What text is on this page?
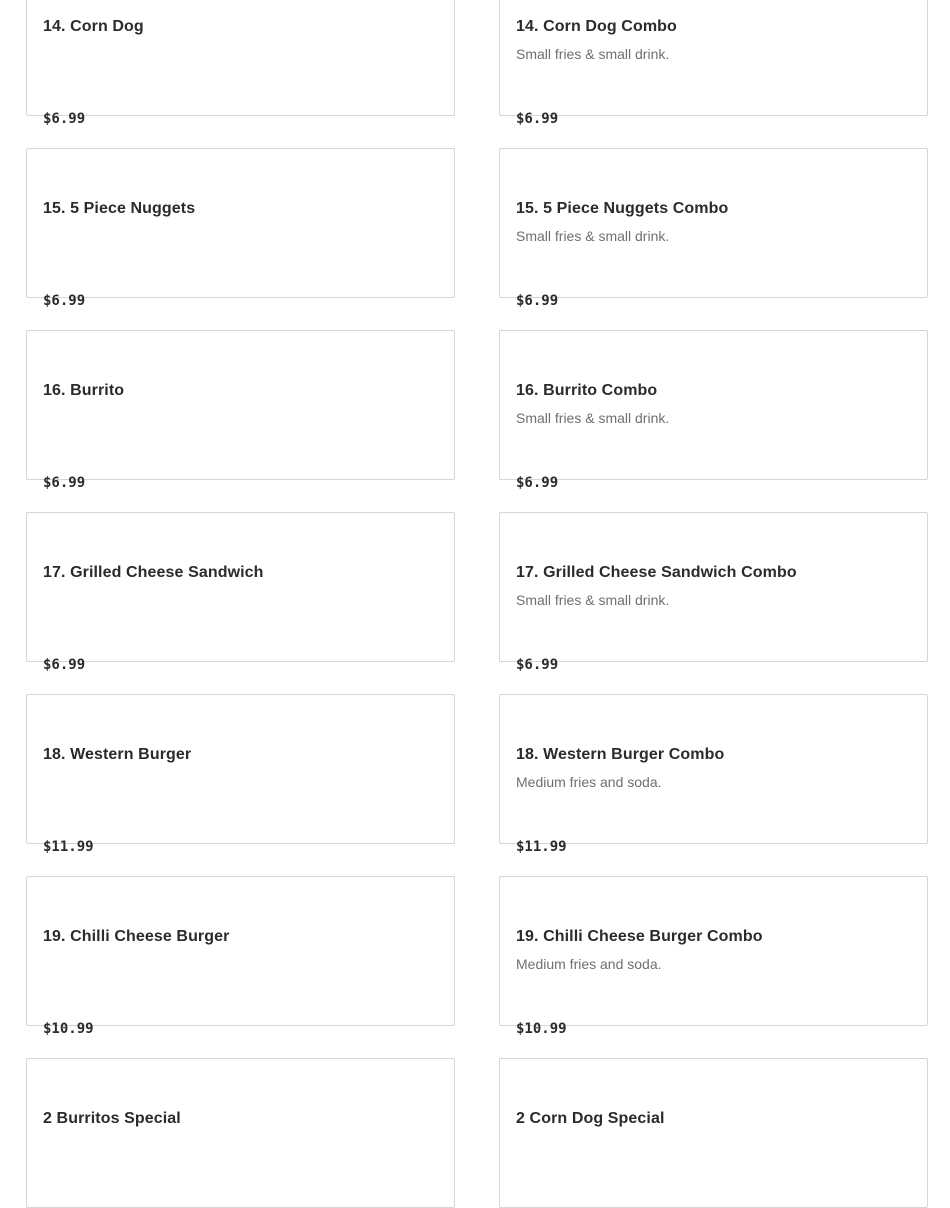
14. Corn Dog
$6.99
14. Corn Dog Combo
Small fries & small drink.
$6.99
15. 5 Piece Nuggets
$6.99
15. 5 Piece Nuggets Combo
Small fries & small drink.
$6.99
16. Burrito
$6.99
16. Burrito Combo
Small fries & small drink.
$6.99
17. Grilled Cheese Sandwich
$6.99
17. Grilled Cheese Sandwich Combo
Small fries & small drink.
$6.99
18. Western Burger
$11.99
18. Western Burger Combo
Medium fries and soda.
$11.99
19. Chilli Cheese Burger
$10.99
19. Chilli Cheese Burger Combo
Medium fries and soda.
$10.99
2 Burritos Special	2 Corn Dog Special
